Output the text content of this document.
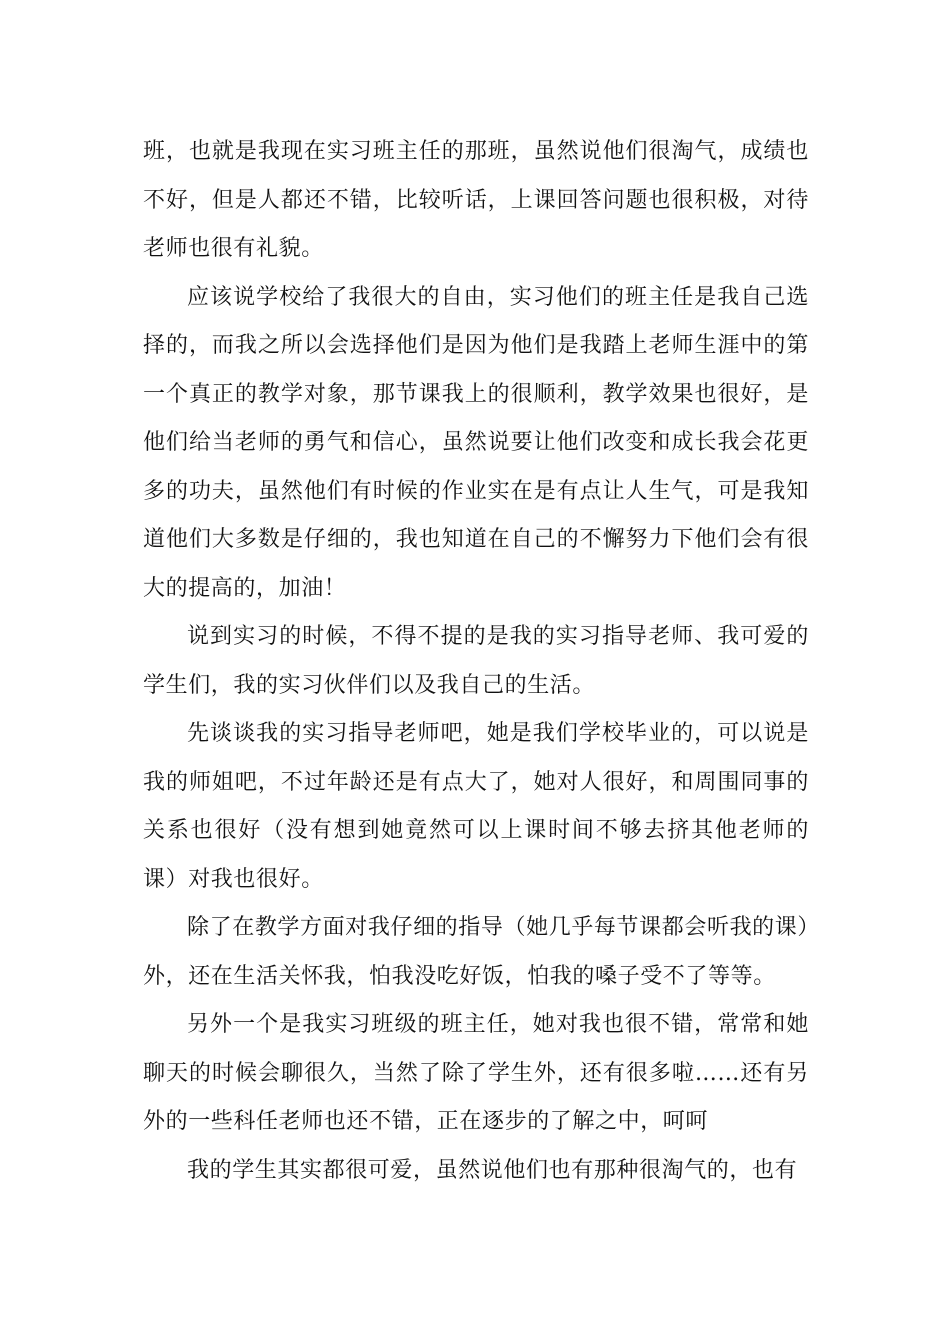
班，也就是我现在实习班主任的那班，虽然说他们很淘气，成绩也不好，但是人都还不错，比较听话，上课回答问题也很积极，对待老师也很有礼貌。

应该说学校给了我很大的自由，实习他们的班主任是我自己选择的，而我之所以会选择他们是因为他们是我踏上老师生涯中的第一个真正的教学对象，那节课我上的很顺利，教学效果也很好，是他们给当老师的勇气和信心，虽然说要让他们改变和成长我会花更多的功夫，虽然他们有时候的作业实在是有点让人生气，可是我知道他们大多数是仔细的，我也知道在自己的不懈努力下他们会有很大的提高的，加油！

说到实习的时候，不得不提的是我的实习指导老师、我可爱的学生们，我的实习伙伴们以及我自己的生活。

先谈谈我的实习指导老师吧，她是我们学校毕业的，可以说是我的师姐吧，不过年龄还是有点大了，她对人很好，和周围同事的关系也很好（没有想到她竟然可以上课时间不够去挤其他老师的课）对我也很好。

除了在教学方面对我仔细的指导（她几乎每节课都会听我的课）外，还在生活关怀我，怕我没吃好饭，怕我的嗓子受不了等等。

另外一个是我实习班级的班主任，她对我也很不错，常常和她聊天的时候会聊很久，当然了除了学生外，还有很多啦……还有另外的一些科任老师也还不错，正在逐步的了解之中，呵呵

我的学生其实都很可爱，虽然说他们也有那种很淘气的，也有
